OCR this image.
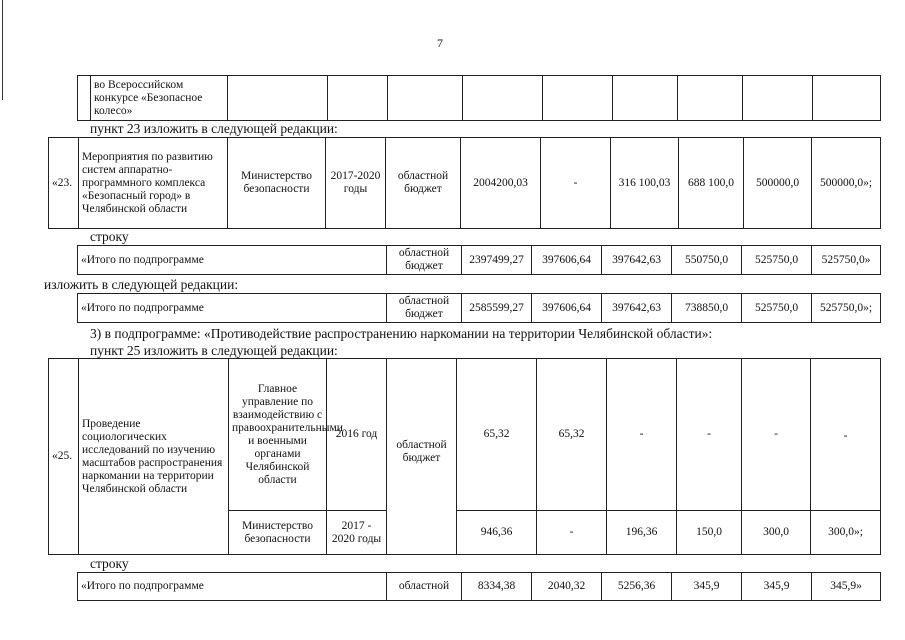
7
	во Всероссийском конкурсе «Безопасное колесо»									
пункт 23 изложить в следующей редакции:
«23.	Мероприятия по развитию систем аппаратно-программного комплекса «Безопасный город» в Челябинской области	Министерство безопасности	2017-2020 годы	областной бюджет	2004200,03	-	316 100,03	688 100,0	500000,0	500000,0»;
строку
«Итого по подпрограмме	областной бюджет	2397499,27	397606,64	397642,63	550750,0	525750,0	525750,0»
изложить в следующей редакции:
«Итого по подпрограмме	областной бюджет	2585599,27	397606,64	397642,63	738850,0	525750,0	525750,0»;
3) в подпрограмме: «Противодействие распространению наркомании на территории Челябинской области»:
пункт 25 изложить в следующей редакции:
«25.	Проведение социологических исследований по изучению масштабов распространения наркомании на территории Челябинской области	Главное управление по взаимодействию с правоохранительными и военными органами Челябинской области	2016 год	областной бюджет	65,32	65,32	-	-	-	-
		Министерство безопасности	2017 - 2020 годы		946,36	-	196,36	150,0	300,0	300,0»;
строку
«Итого по подпрограмме	областной	8334,38	2040,32	5256,36	345,9	345,9	345,9»
